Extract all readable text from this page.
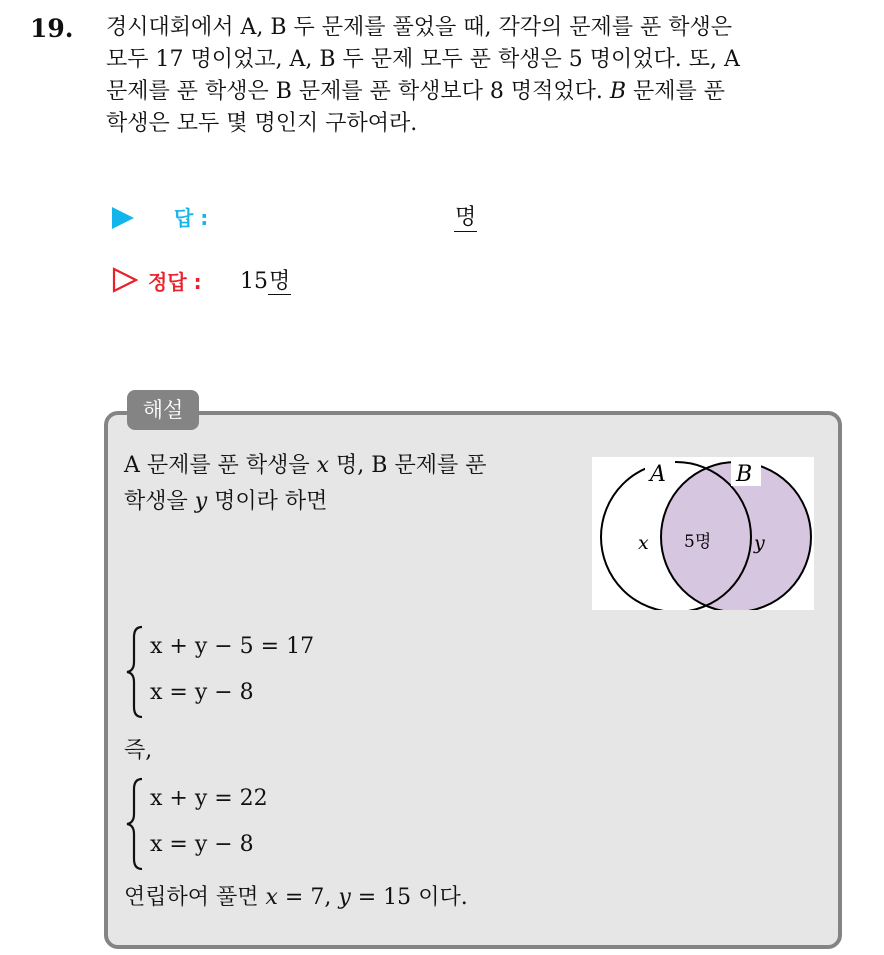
19. 경시대회에서 A, B 두 문제를 풀었을 때, 각각의 문제를 푼 학생은

모두 17 명이었고, A, B 두 문제 모두 푼 학생은 5 명이었다. 또, A

문제를 푼 학생은 B 문제를 푼 학생보다 8 명적었다. B 문제를 푼

학생은 모두 몇 명인지 구하여라.

답 :	명
정답 : 15명
해설

A 문제를 푼 학생을 x 명, B 문제를 푼

학생을 y 명이라 하면

A	B
x 5명 y
x + y − 5 = 17
x = y − 8
즉,
x + y = 22
x = y − 8
연립하여 풀면 x = 7, y = 15 이다.
